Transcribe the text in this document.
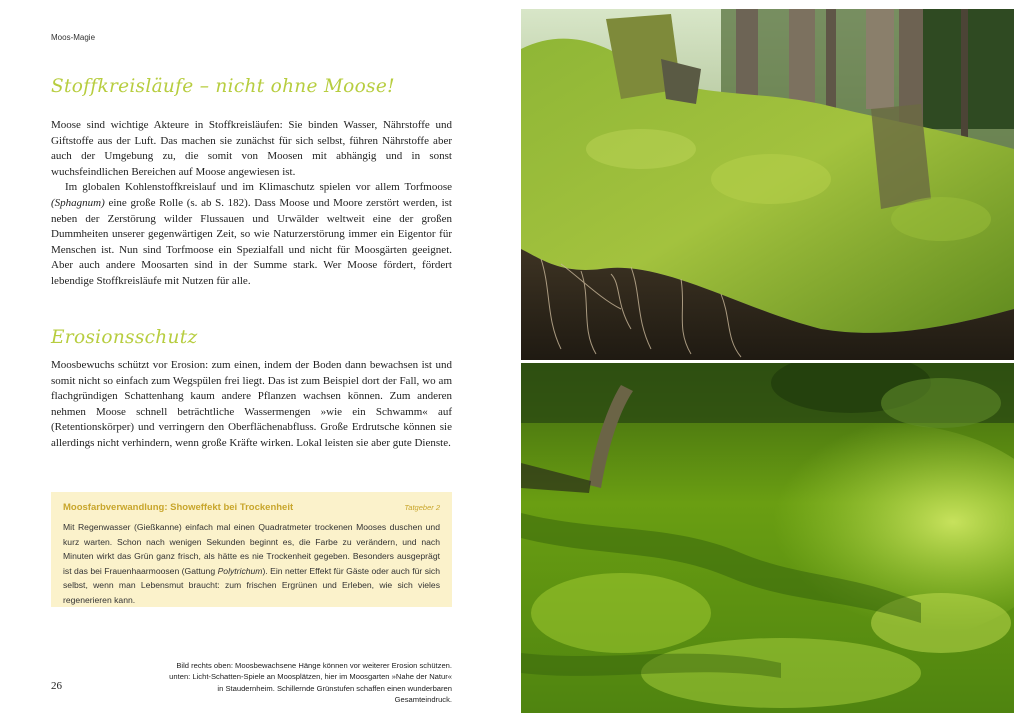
Moos-Magie
Stoffkreisläufe – nicht ohne Moose!

Moose sind wichtige Akteure in Stoffkreisläufen: Sie binden Wasser, Nährstoffe und Giftstoffe aus der Luft. Das machen sie zunächst für sich selbst, führen Nährstoffe aber auch der Umgebung zu, die somit von Moosen mit abhängig und in sonst wuchsfeindlichen Bereichen auf Moose angewiesen ist.

Im globalen Kohlenstoffkreislauf und im Klimaschutz spielen vor allem Torfmoose (Sphagnum) eine große Rolle (s. ab S. 182). Dass Moose und Moore zerstört werden, ist neben der Zerstörung wilder Flussauen und Urwälder weltweit eine der großen Dummheiten unserer gegenwärtigen Zeit, so wie Naturzerstörung immer ein Eigentor für Menschen ist. Nun sind Torfmoose ein Spezialfall und nicht für Moosgärten geeignet. Aber auch andere Moosarten sind in der Summe stark. Wer Moose fördert, fördert lebendige Stoffkreisläufe mit Nutzen für alle.

Erosionsschutz

Moosbewuchs schützt vor Erosion: zum einen, indem der Boden dann bewachsen ist und somit nicht so einfach zum Wegspülen frei liegt. Das ist zum Beispiel dort der Fall, wo am flachgründigen Schattenhang kaum andere Pflanzen wachsen können. Zum anderen nehmen Moose schnell beträchtliche Wassermengen »wie ein Schwamm« auf (Retentionskörper) und verringern den Oberflächenabfluss. Große Erdrutsche können sie allerdings nicht verhindern, wenn große Kräfte wirken. Lokal leisten sie aber gute Dienste.

Moosfarbverwandlung: Showeffekt bei Trockenheit	Tatgeber 2
Mit Regenwasser (Gießkanne) einfach mal einen Quadratmeter trockenen Mooses duschen und kurz warten. Schon nach wenigen Sekunden beginnt es, die Farbe zu verändern, und nach Minuten wirkt das Grün ganz frisch, als hätte es nie Trockenheit gegeben. Besonders ausgeprägt ist das bei Frauenhaarmoosen (Gattung Polytrichum). Ein netter Effekt für Gäste oder auch für sich selbst, wenn man Lebensmut braucht: zum frischen Ergrünen und Erleben, wie sich vieles regenerieren kann.
26
Bild rechts oben: Moosbewachsene Hänge können vor weiterer Erosion schützen.
unten: Licht-Schatten-Spiele an Moosplätzen, hier im Moosgarten »Nahe der Natur«
in Staudernheim. Schillernde Grünstufen schaffen einen wunderbaren Gesamteindruck.
